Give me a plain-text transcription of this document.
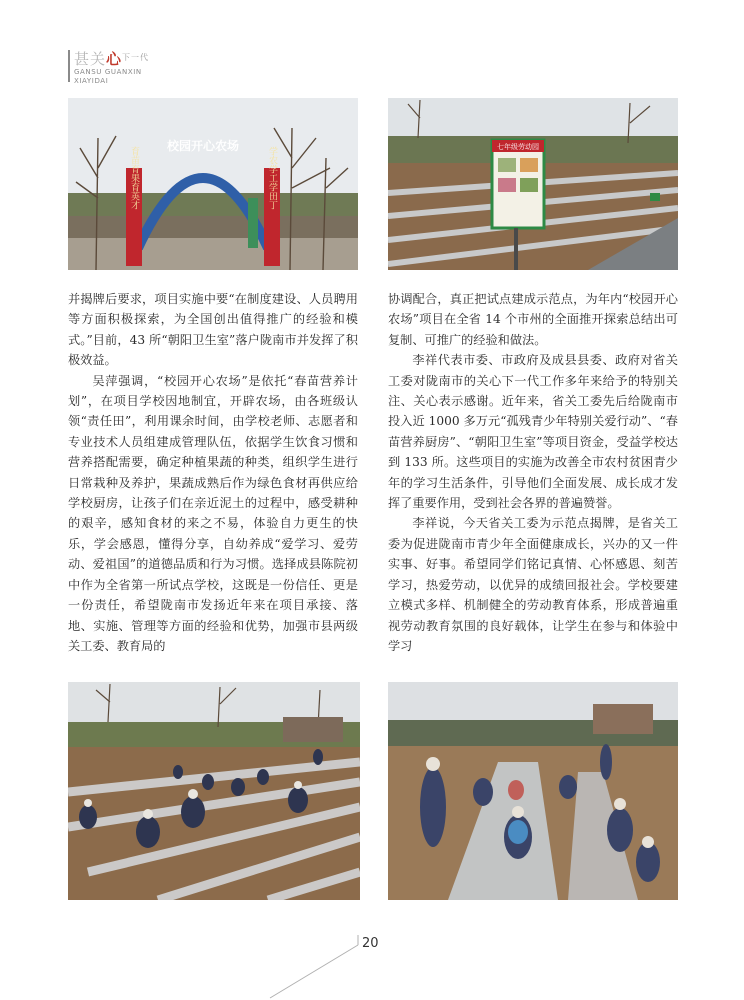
甚关心$^{下一代}$
GANSU GUANXIN
XIAYIDAI
校园开心农场
育苗育果育英才	学农学工学田丁	七年级劳动园

并揭牌后要求，项目实施中要“在制度建设、人员聘用等方面积极探索，为全国创出值得推广的经验和模式。”目前，43 所“朝阳卫生室”落户陇南市并发挥了积极效益。

吴萍强调，“校园开心农场”是依托“春苗营养计划”，在项目学校因地制宜，开辟农场，由各班级认领“责任田”，利用课余时间，由学校老师、志愿者和专业技术人员组建成管理队伍，依据学生饮食习惯和营养搭配需要，确定种植果蔬的种类，组织学生进行日常栽种及养护，果蔬成熟后作为绿色食材再供应给学校厨房，让孩子们在亲近泥土的过程中，感受耕种的艰辛，感知食材的来之不易，体验自力更生的快乐，学会感恩，懂得分享，自幼养成“爱学习、爱劳动、爱祖国”的道德品质和行为习惯。选择成县陈院初中作为全省第一所试点学校，这既是一份信任、更是一份责任，希望陇南市发扬近年来在项目承接、落地、实施、管理等方面的经验和优势，加强市县两级关工委、教育局的

协调配合，真正把试点建成示范点，为年内“校园开心农场”项目在全省 14 个市州的全面推开探索总结出可复制、可推广的经验和做法。

李祥代表市委、市政府及成县县委、政府对省关工委对陇南市的关心下一代工作多年来给予的特别关注、关心表示感谢。近年来，省关工委先后给陇南市投入近 1000 多万元“孤残青少年特别关爱行动”、“春苗营养厨房”、“朝阳卫生室”等项目资金，受益学校达到 133 所。这些项目的实施为改善全市农村贫困青少年的学习生活条件，引导他们全面发展、成长成才发挥了重要作用，受到社会各界的普遍赞誉。

李祥说，今天省关工委为示范点揭牌，是省关工委为促进陇南市青少年全面健康成长，兴办的又一件实事、好事。希望同学们铭记真情、心怀感恩、刻苦学习，热爱劳动，以优异的成绩回报社会。学校要建立模式多样、机制健全的劳动教育体系，形成普遍重视劳动教育氛围的良好载体，让学生在参与和体验中学习

20
